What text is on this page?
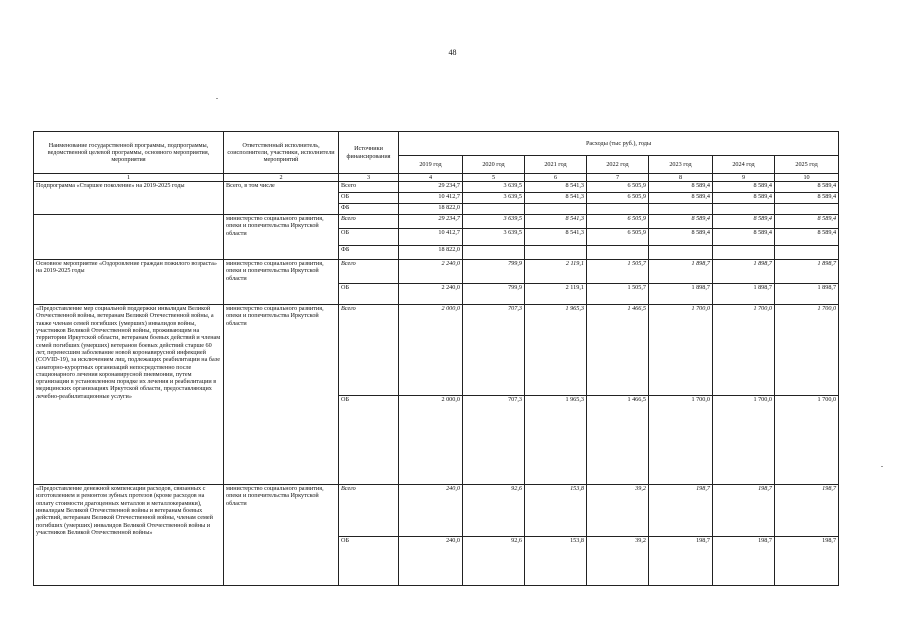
48
Наименование государственной программы, подпрограммы, ведомственной целевой программы, основного мероприятия, мероприятия	Ответственный исполнитель, соисполнители, участники, исполнители мероприятий	Источники финансирования	Расходы (тыс руб.), годы						
			2019 год	2020 год	2021 год	2022 год	2023 год	2024 год	2025 год
1	2	3	4	5	6	7	8	9	10
Подпрограмма «Старшее поколение» на 2019-2025 годы	Всего, в том числе	Всего	29 234,7	3 639,5	8 541,3	6 505,9	8 589,4	8 589,4	8 589,4
		ОБ	10 412,7	3 639,5	8 541,3	6 505,9	8 589,4	8 589,4	8 589,4
		ФБ	18 822,0						
	министерство социального развития, опеки и попечительства Иркутской области	Всего	29 234,7	3 639,5	8 541,3	6 505,9	8 589,4	8 589,4	8 589,4
		ОБ	10 412,7	3 639,5	8 541,3	6 505,9	8 589,4	8 589,4	8 589,4
		ФБ	18 822,0						
Основное мероприятие «Оздоровление граждан пожилого возраста» на 2019-2025 годы	министерство социального развития, опеки и попечительства Иркутской области	Всего	2 240,0	799,9	2 119,1	1 505,7	1 898,7	1 898,7	1 898,7
		ОБ	2 240,0	799,9	2 119,1	1 505,7	1 898,7	1 898,7	1 898,7
«Предоставление мер социальной поддержки инвалидам Великой Отечественной войны, ветеранам Великой Отечественной войны, а также членам семей погибших (умерших) инвалидов войны, участников Великой Отечественной войны, проживающим на территории Иркутской области, ветеранам боевых действий и членам семей погибших (умерших) ветеранов боевых действий старше 60 лет, перенесшим заболевание новой коронавирусной инфекцией (COVID-19), за исключением лиц, подлежащих реабилитации на базе санаторно-курортных организаций непосредственно после стационарного лечения коронавирусной пневмонии, путем организации в установленном порядке их лечения и реабилитации в медицинских организациях Иркутской области, предоставляющих лечебно-реабилитационные услуги»	министерство социального развития, опеки и попечительства Иркутской области	Всего	2 000,0	707,3	1 965,3	1 466,5	1 700,0	1 700,0	1 700,0
		ОБ	2 000,0	707,3	1 965,3	1 466,5	1 700,0	1 700,0	1 700,0
«Предоставление денежной компенсации расходов, связанных с изготовлением и ремонтом зубных протезов (кроме расходов на оплату стоимости драгоценных металлов и металлокерамики), инвалидам Великой Отечественной войны и ветеранам боевых действий, ветеранам Великой Отечественной войны, членам семей погибших (умерших) инвалидов Великой Отечественной войны и участников Великой Отечественной войны»	министерство социального развития, опеки и попечительства Иркутской области	Всего	240,0	92,6	153,8	39,2	198,7	198,7	198,7
		ОБ	240,0	92,6	153,8	39,2	198,7	198,7	198,7
